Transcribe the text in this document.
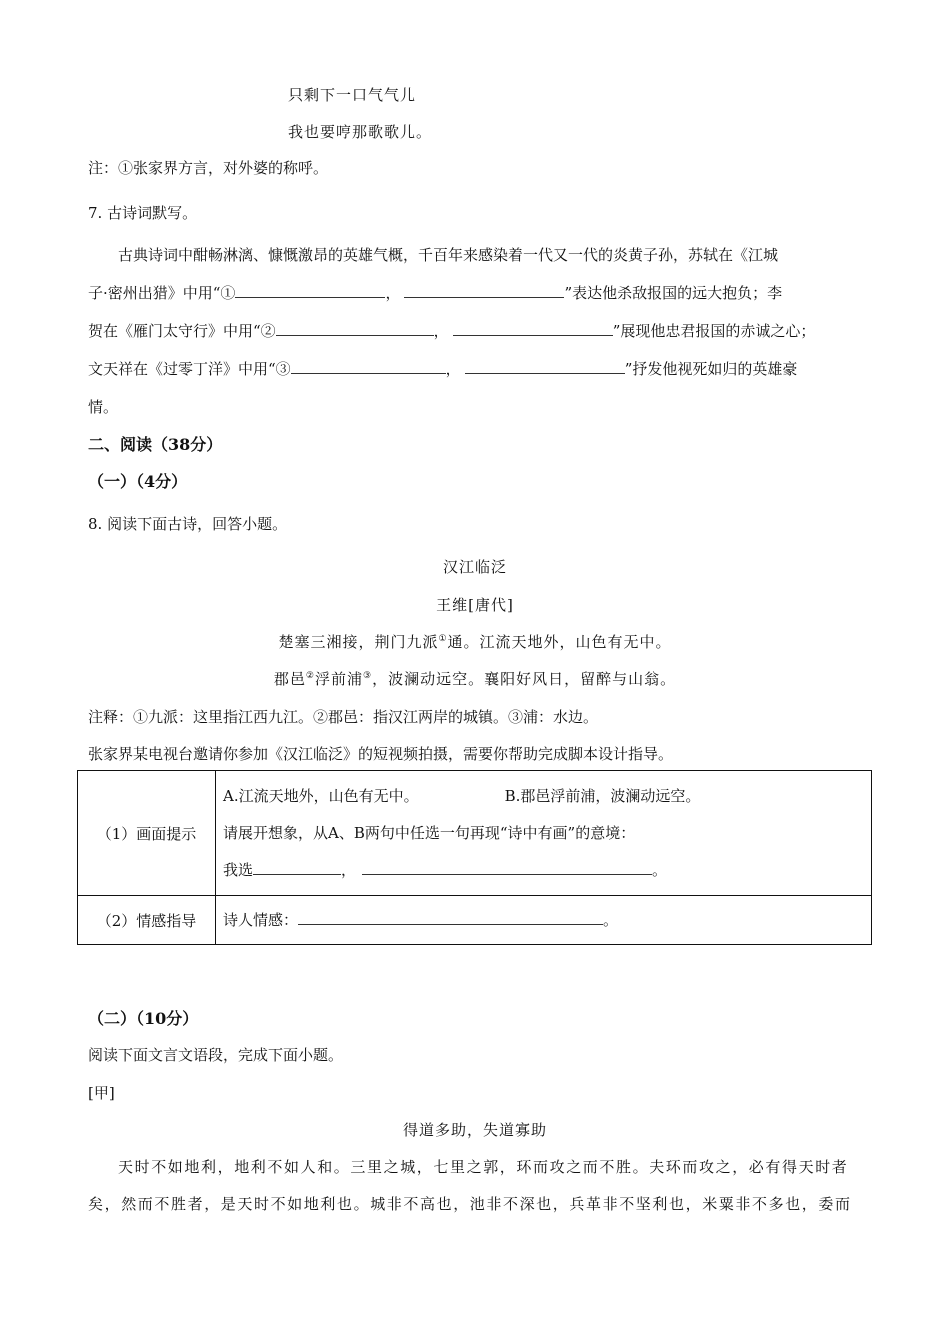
只剩下一口气气儿
我也要哼那歌歌儿。
注：①张家界方言，对外婆的称呼。
7. 古诗词默写。
古典诗词中酣畅淋漓、慷慨激昂的英雄气概，千百年来感染着一代又一代的炎黄子孙，苏轼在《江城
子·密州出猎》中用“①	，	”表达他杀敌报国的远大抱负；李
贺在《雁门太守行》中用“②	，	”展现他忠君报国的赤诚之心；
文天祥在《过零丁洋》中用“③	，	”抒发他视死如归的英雄豪
情。
二、阅读（38分）
（一）（4分）
8. 阅读下面古诗，回答小题。
汉江临泛
王维[唐代]
楚塞三湘接，荆门九派①通。江流天地外，山色有无中。
郡邑②浮前浦③，波澜动远空。襄阳好风日，留醉与山翁。
注释：①九派：这里指江西九江。②郡邑：指汉江两岸的城镇。③浦：水边。
张家界某电视台邀请你参加《汉江临泛》的短视频拍摄，需要你帮助完成脚本设计指导。
（1）画面提示	A.江流天地外，山色有无中。 B.郡邑浮前浦，波澜动远空。
请展开想象，从A、B两句中任选一句再现“诗中有画”的意境：
我选 ， 。

（2）情感指导	诗人情感： 。
（二）（10分）
阅读下面文言文语段，完成下面小题。
[甲]
得道多助，失道寡助
天时不如地利，地利不如人和。三里之城，七里之郭，环而攻之而不胜。夫环而攻之，必有得天时者
矣，然而不胜者，是天时不如地利也。城非不高也，池非不深也，兵革非不坚利也，米粟非不多也，委而
